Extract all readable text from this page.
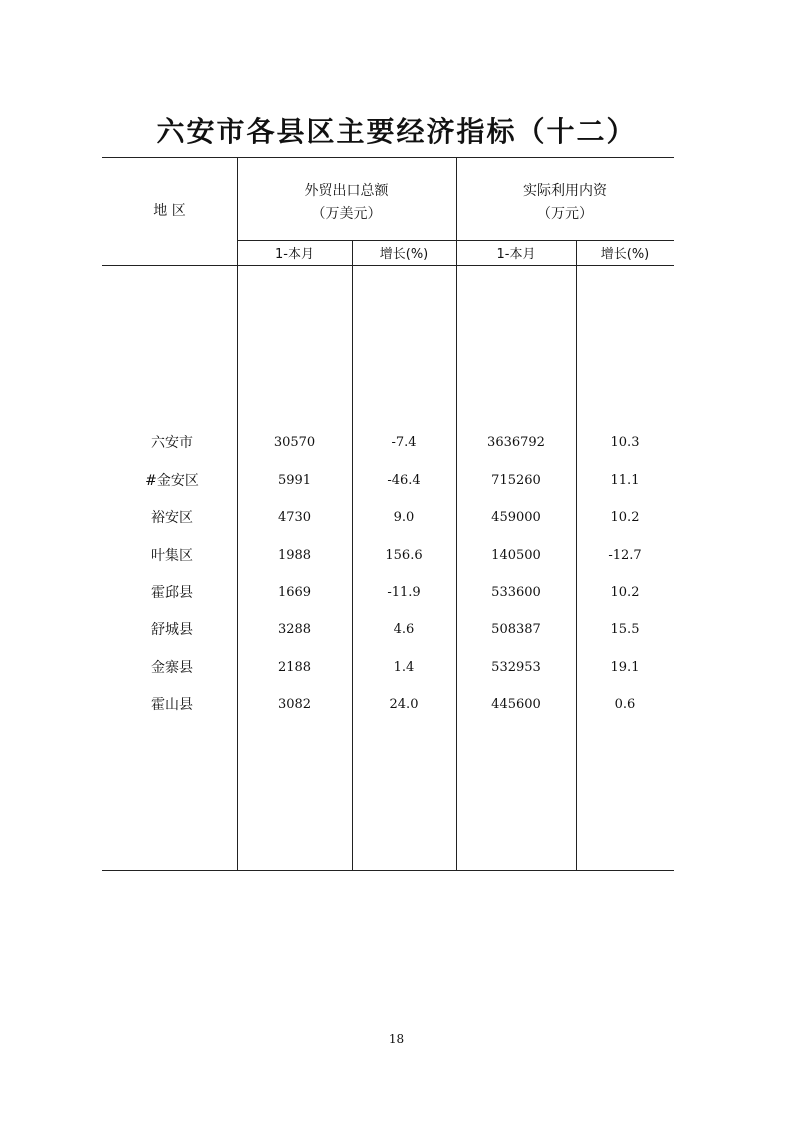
六安市各县区主要经济指标（十二）
地 区
外贸出口总额
（万美元）
实际利用内资
（万元）
1-本月	增长(%)	1-本月	增长(%)
六安市	30570	-7.4	3636792	10.3
#金安区	5991	-46.4	715260	11.1
裕安区	4730	9.0	459000	10.2
叶集区	1988	156.6	140500	-12.7
霍邱县	1669	-11.9	533600	10.2
舒城县	3288	4.6	508387	15.5
金寨县	2188	1.4	532953	19.1
霍山县	3082	24.0	445600	0.6
18
